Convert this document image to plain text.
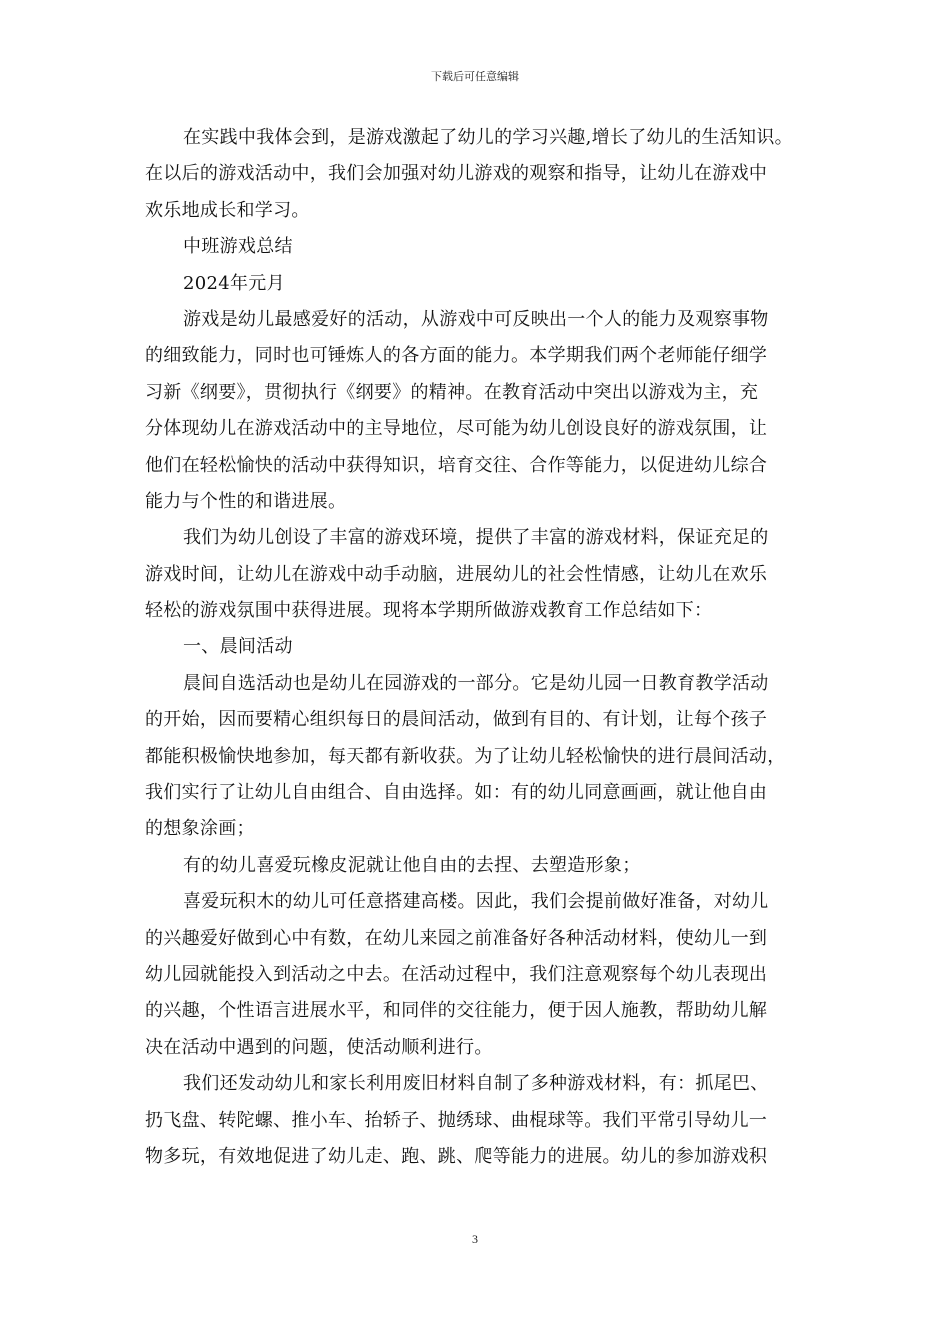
下载后可任意编辑
在实践中我体会到，是游戏激起了幼儿的学习兴趣,增长了幼儿的生活知识。
在以后的游戏活动中，我们会加强对幼儿游戏的观察和指导，让幼儿在游戏中
欢乐地成长和学习。
中班游戏总结
2024年元月
游戏是幼儿最感爱好的活动，从游戏中可反映出一个人的能力及观察事物
的细致能力，同时也可锤炼人的各方面的能力。本学期我们两个老师能仔细学
习新《纲要》，贯彻执行《纲要》的精神。在教育活动中突出以游戏为主，充
分体现幼儿在游戏活动中的主导地位，尽可能为幼儿创设良好的游戏氛围，让
他们在轻松愉快的活动中获得知识，培育交往、合作等能力，以促进幼儿综合
能力与个性的和谐进展。
我们为幼儿创设了丰富的游戏环境，提供了丰富的游戏材料，保证充足的
游戏时间，让幼儿在游戏中动手动脑，进展幼儿的社会性情感，让幼儿在欢乐
轻松的游戏氛围中获得进展。现将本学期所做游戏教育工作总结如下：
一、晨间活动
晨间自选活动也是幼儿在园游戏的一部分。它是幼儿园一日教育教学活动
的开始，因而要精心组织每日的晨间活动，做到有目的、有计划，让每个孩子
都能积极愉快地参加，每天都有新收获。为了让幼儿轻松愉快的进行晨间活动，
我们实行了让幼儿自由组合、自由选择。如：有的幼儿同意画画，就让他自由
的想象涂画；
有的幼儿喜爱玩橡皮泥就让他自由的去捏、去塑造形象；
喜爱玩积木的幼儿可任意搭建高楼。因此，我们会提前做好准备，对幼儿
的兴趣爱好做到心中有数，在幼儿来园之前准备好各种活动材料，使幼儿一到
幼儿园就能投入到活动之中去。在活动过程中，我们注意观察每个幼儿表现出
的兴趣，个性语言进展水平，和同伴的交往能力，便于因人施教，帮助幼儿解
决在活动中遇到的问题，使活动顺利进行。
我们还发动幼儿和家长利用废旧材料自制了多种游戏材料，有：抓尾巴、
扔飞盘、转陀螺、推小车、抬轿子、抛绣球、曲棍球等。我们平常引导幼儿一
物多玩，有效地促进了幼儿走、跑、跳、爬等能力的进展。幼儿的参加游戏积
3
